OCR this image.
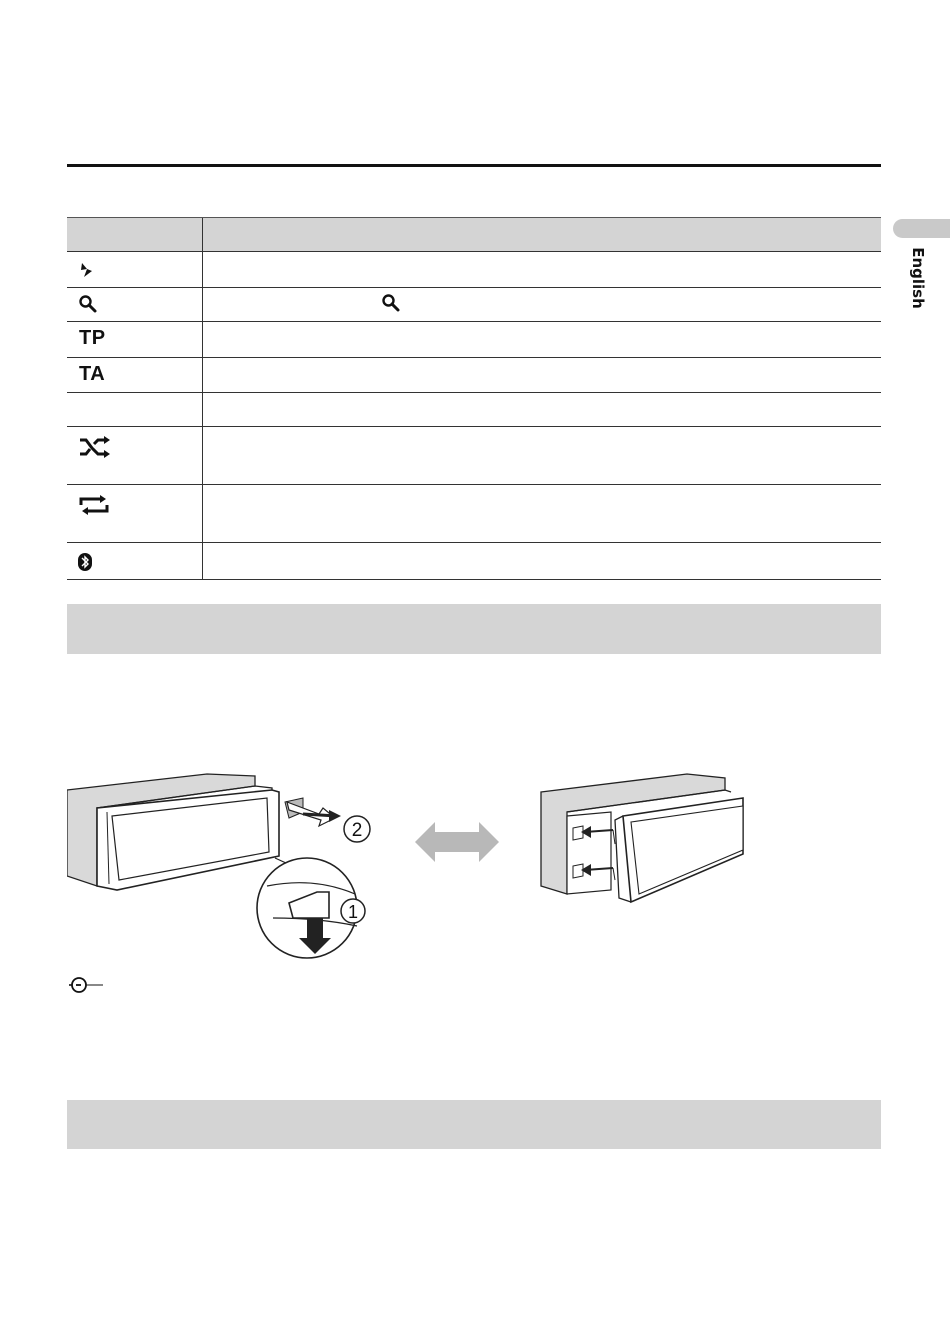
English
TP
TA
2
1
